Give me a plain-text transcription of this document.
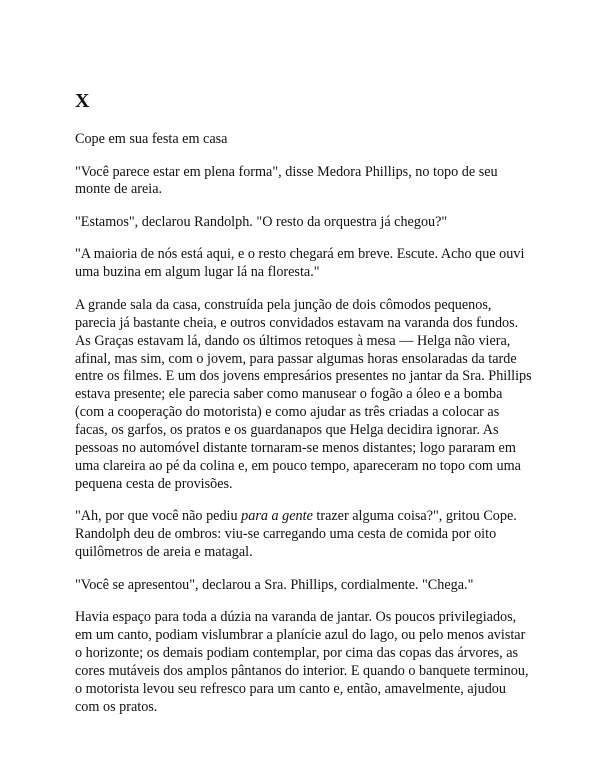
X

Cope em sua festa em casa

"Você parece estar em plena forma", disse Medora Phillips, no topo de seu monte de areia.

"Estamos", declarou Randolph. "O resto da orquestra já chegou?"

"A maioria de nós está aqui, e o resto chegará em breve. Escute. Acho que ouvi uma buzina em algum lugar lá na floresta."

A grande sala da casa, construída pela junção de dois cômodos pequenos, parecia já bastante cheia, e outros convidados estavam na varanda dos fundos. As Graças estavam lá, dando os últimos retoques à mesa — Helga não viera, afinal, mas sim, com o jovem, para passar algumas horas ensolaradas da tarde entre os filmes. E um dos jovens empresários presentes no jantar da Sra. Phillips estava presente; ele parecia saber como manusear o fogão a óleo e a bomba (com a cooperação do motorista) e como ajudar as três criadas a colocar as facas, os garfos, os pratos e os guardanapos que Helga decidira ignorar. As pessoas no automóvel distante tornaram-se menos distantes; logo pararam em uma clareira ao pé da colina e, em pouco tempo, apareceram no topo com uma pequena cesta de provisões.

"Ah, por que você não pediu para a gente trazer alguma coisa?", gritou Cope. Randolph deu de ombros: viu-se carregando uma cesta de comida por oito quilômetros de areia e matagal.

"Você se apresentou", declarou a Sra. Phillips, cordialmente. "Chega."

Havia espaço para toda a dúzia na varanda de jantar. Os poucos privilegiados, em um canto, podiam vislumbrar a planície azul do lago, ou pelo menos avistar o horizonte; os demais podiam contemplar, por cima das copas das árvores, as cores mutáveis dos amplos pântanos do interior. E quando o banquete terminou, o motorista levou seu refresco para um canto e, então, amavelmente, ajudou com os pratos.
